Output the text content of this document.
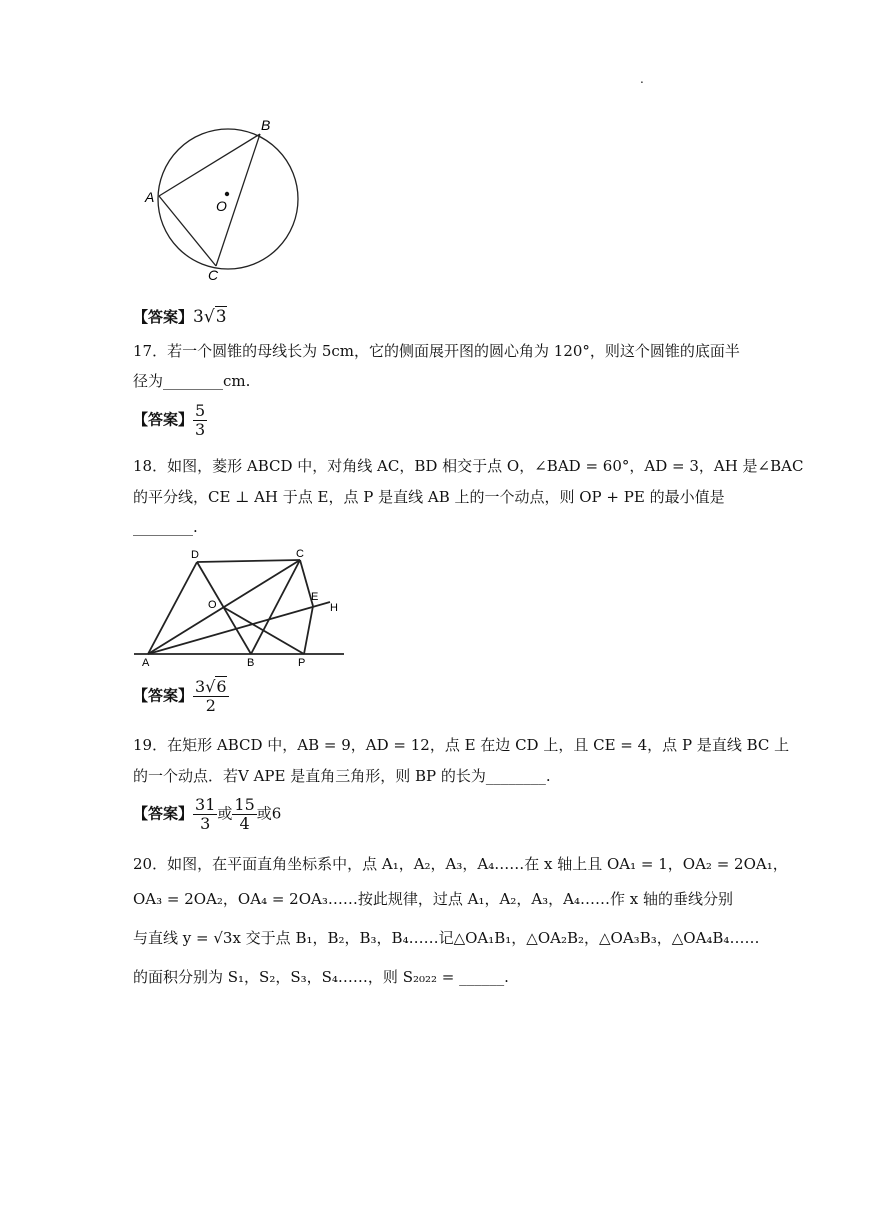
.
B
A
O
C
【答案】3√3
17．若一个圆锥的母线长为 5cm，它的侧面展开图的圆心角为 120°，则这个圆锥的底面半
径为________cm.
【答案】 $\frac{5}{3}$
18．如图，菱形 ABCD 中，对角线 AC，BD 相交于点 O，∠BAD = 60°，AD = 3，AH 是∠BAC
的平分线，CE ⊥ AH 于点 E，点 P 是直线 AB 上的一个动点，则 OP + PE 的最小值是
________.
D	C
O
E
H
A	B	P
【答案】 $\frac{3√6}{2}$
19．在矩形 ABCD 中，AB = 9，AD = 12，点 E 在边 CD 上，且 CE = 4，点 P 是直线 BC 上
的一个动点．若V APE 是直角三角形，则 BP 的长为________.
【答案】 $\frac{31}{3}$ 或 $\frac{15}{4}$ 或6
20．如图，在平面直角坐标系中，点 A₁，A₂，A₃，A₄……在 x 轴上且 OA₁ = 1，OA₂ = 2OA₁，
OA₃ = 2OA₂，OA₄ = 2OA₃……按此规律，过点 A₁，A₂，A₃，A₄……作 x 轴的垂线分别
与直线 y = √3x 交于点 B₁，B₂，B₃，B₄……记△OA₁B₁，△OA₂B₂，△OA₃B₃，△OA₄B₄……
的面积分别为 S₁，S₂，S₃，S₄……，则 S₂₀₂₂ = ______.
